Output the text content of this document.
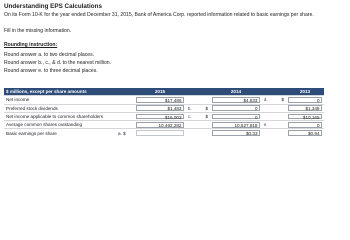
Understanding EPS Calculations
On its Form 10-K for the year ended December 31, 2015, Bank of America Corp. reported information related to basic earnings per share.
Fill in the missing information.
Rounding instruction:
Round answer a. to two decimal places.
Round answer b., c., & d. to the nearest million.
Round answer e. to three decimal places.
$ millions, except per share amounts			2015			2014			2013
Net income			$17,486			$4,833	d.	$	0

Preferred stock dividends			$1,483	b.	$	0			$1,349

Net income applicable to common shareholders			$16,003	c.	$	0			$10,165

Average common shares outstanding			10,462,282			10,527,818	e.		0

Basic earnings per share	a. $					$0.33			$0.94
